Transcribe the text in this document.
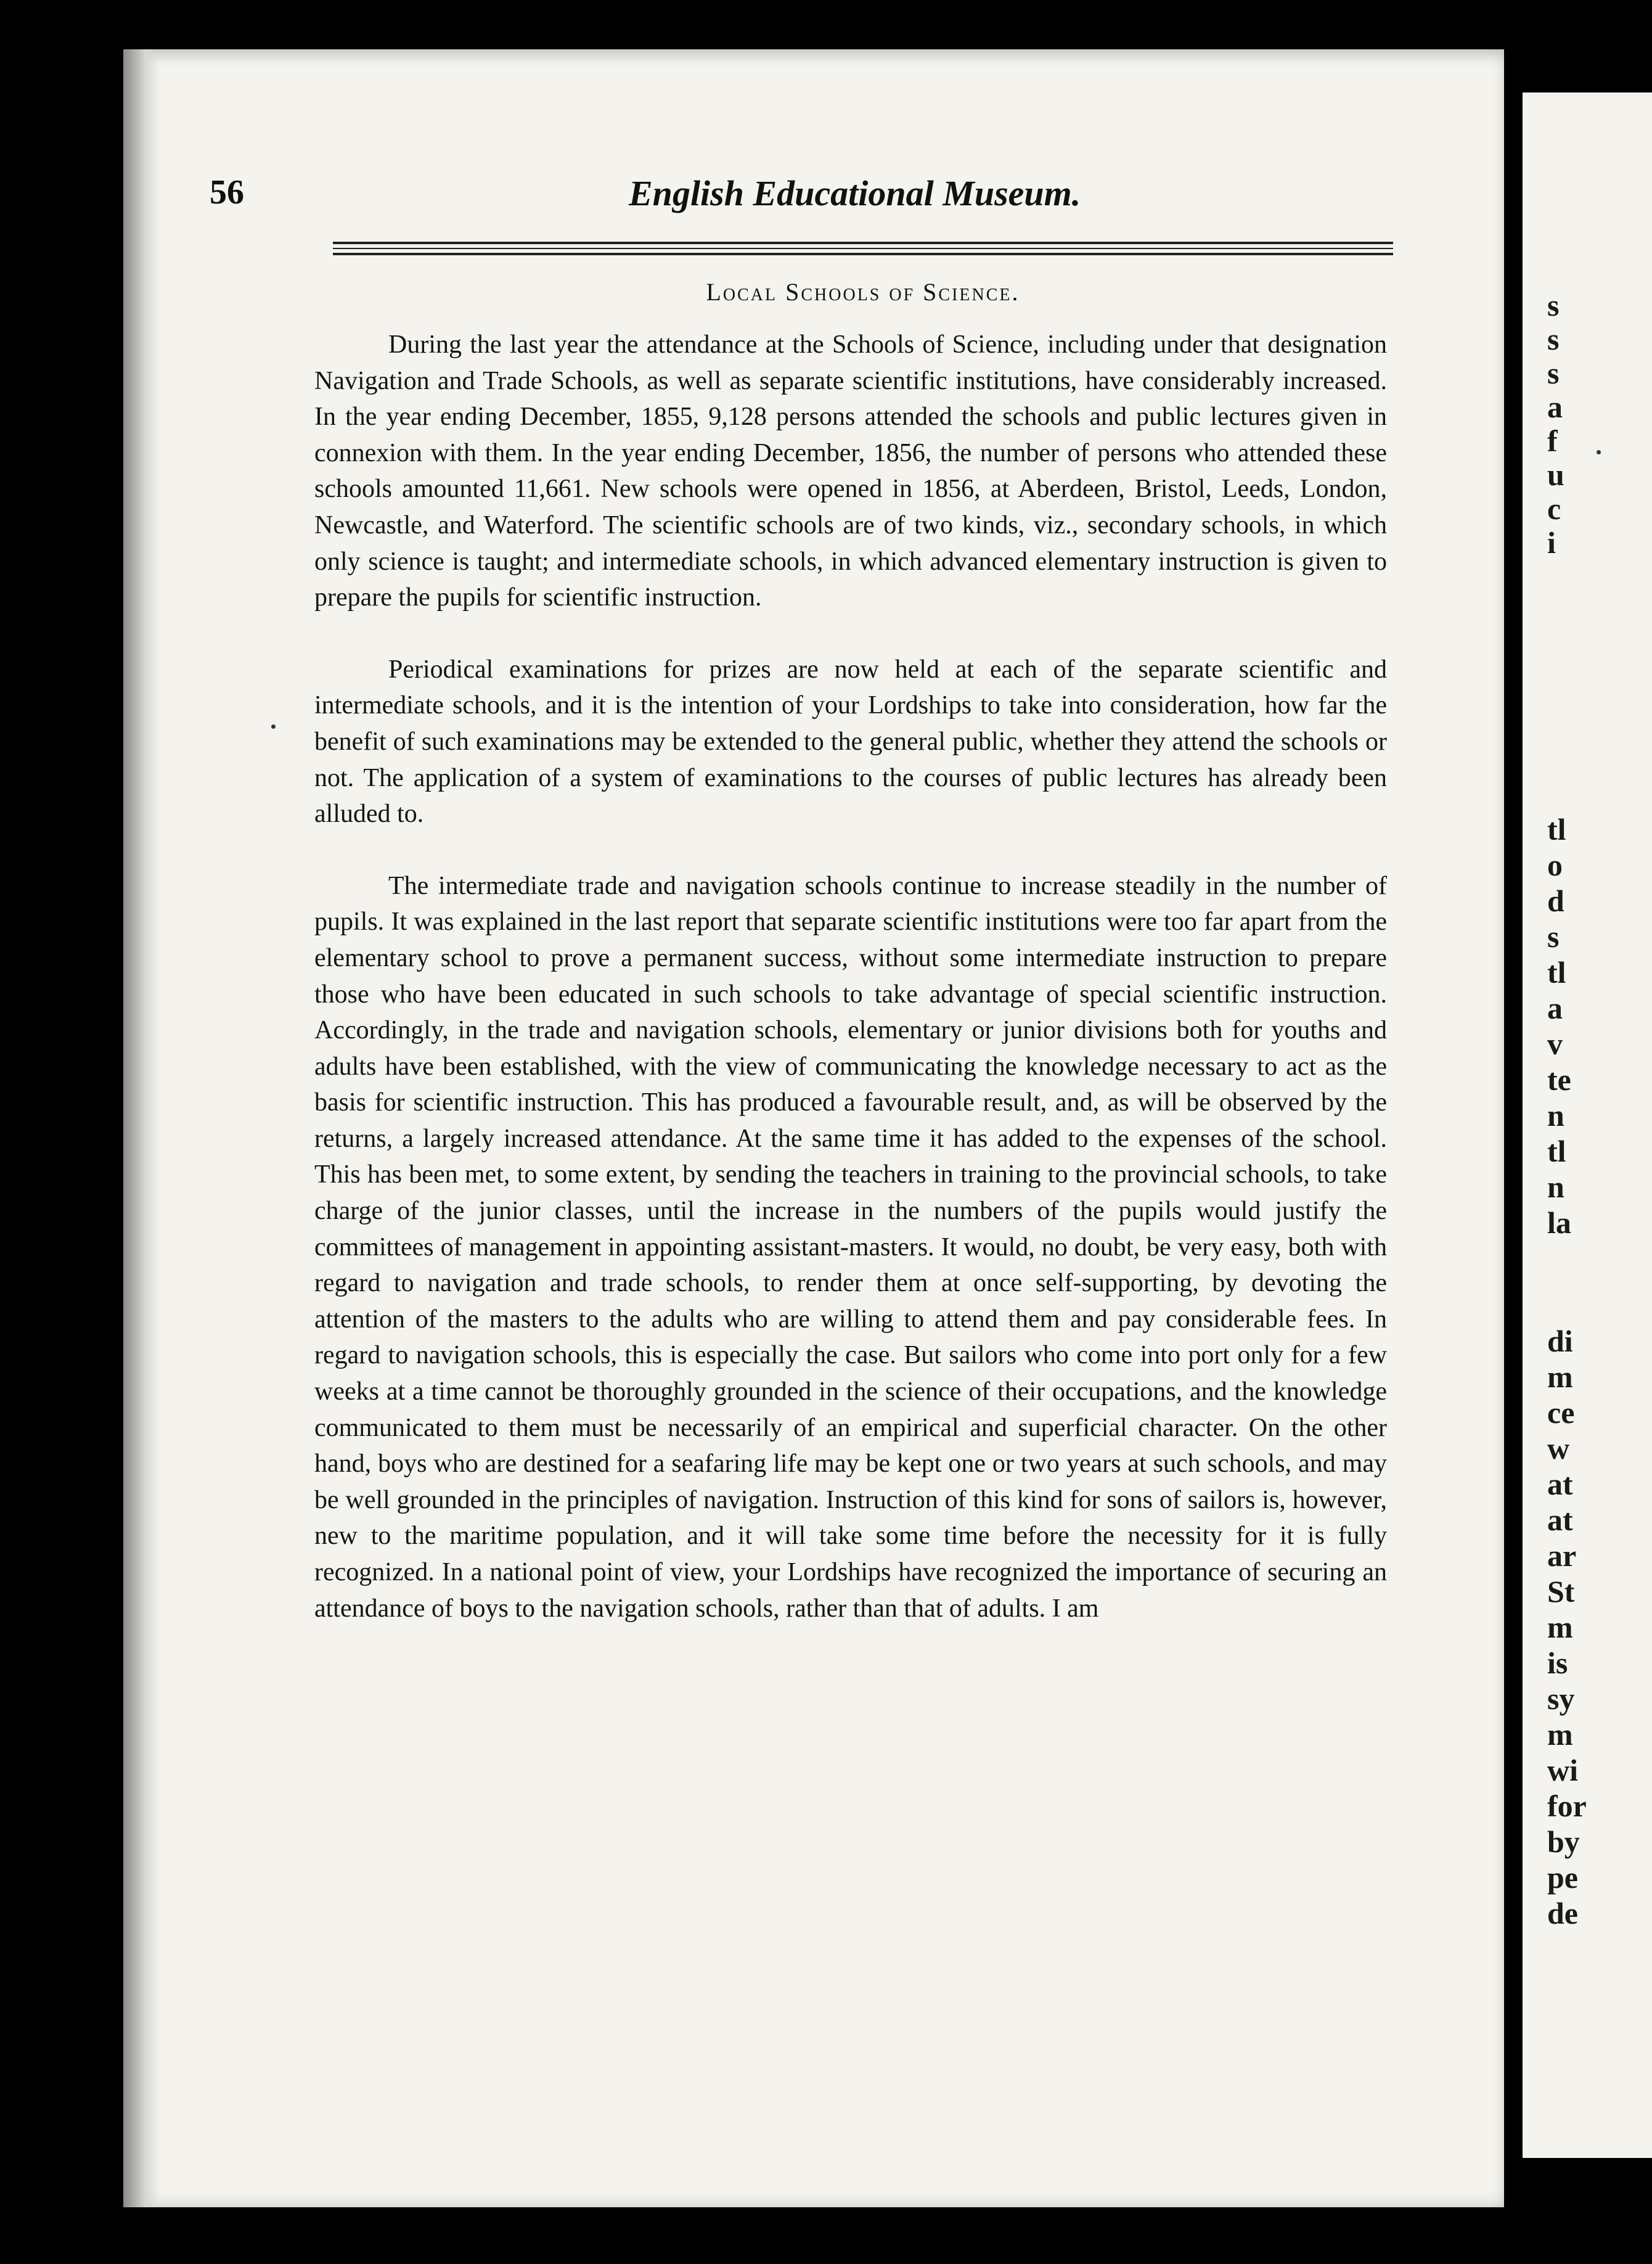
s
s
s
a
f
u
c
i
tl
o
d
s
tl
a
v
te
n
tl
n
la
di
m
ce
w
at
at
ar
St
m
is
sy
m
wi
for
by
pe
de
56	English Educational Museum.
Local Schools of Science.

During the last year the attendance at the Schools of Science, including under that designation Navigation and Trade Schools, as well as separate scientific institutions, have considerably increased. In the year ending December, 1855, 9,128 persons attended the schools and public lectures given in connexion with them. In the year ending December, 1856, the number of persons who attended these schools amounted 11,661. New schools were opened in 1856, at Aberdeen, Bristol, Leeds, London, Newcastle, and Waterford. The scientific schools are of two kinds, viz., secondary schools, in which only science is taught; and intermediate schools, in which advanced elementary instruction is given to prepare the pupils for scientific instruction.

Periodical examinations for prizes are now held at each of the separate scientific and intermediate schools, and it is the intention of your Lordships to take into consideration, how far the benefit of such examinations may be extended to the general public, whether they attend the schools or not. The application of a system of examinations to the courses of public lectures has already been alluded to.

The intermediate trade and navigation schools continue to increase steadily in the number of pupils. It was explained in the last report that separate scientific institutions were too far apart from the elementary school to prove a permanent success, without some intermediate instruction to prepare those who have been educated in such schools to take advantage of special scientific instruction. Accordingly, in the trade and navigation schools, elementary or junior divisions both for youths and adults have been established, with the view of communicating the knowledge necessary to act as the basis for scientific instruction. This has produced a favourable result, and, as will be observed by the returns, a largely increased attendance. At the same time it has added to the expenses of the school. This has been met, to some extent, by sending the teachers in training to the provincial schools, to take charge of the junior classes, until the increase in the numbers of the pupils would justify the committees of management in appointing assistant-masters. It would, no doubt, be very easy, both with regard to navigation and trade schools, to render them at once self-supporting, by devoting the attention of the masters to the adults who are willing to attend them and pay considerable fees. In regard to navigation schools, this is especially the case. But sailors who come into port only for a few weeks at a time cannot be thoroughly grounded in the science of their occupations, and the knowledge communicated to them must be necessarily of an empirical and superficial character. On the other hand, boys who are destined for a seafaring life may be kept one or two years at such schools, and may be well grounded in the principles of navigation. Instruction of this kind for sons of sailors is, however, new to the maritime population, and it will take some time before the necessity for it is fully recognized. In a national point of view, your Lordships have recognized the importance of securing an attendance of boys to the navigation schools, rather than that of adults. I am
